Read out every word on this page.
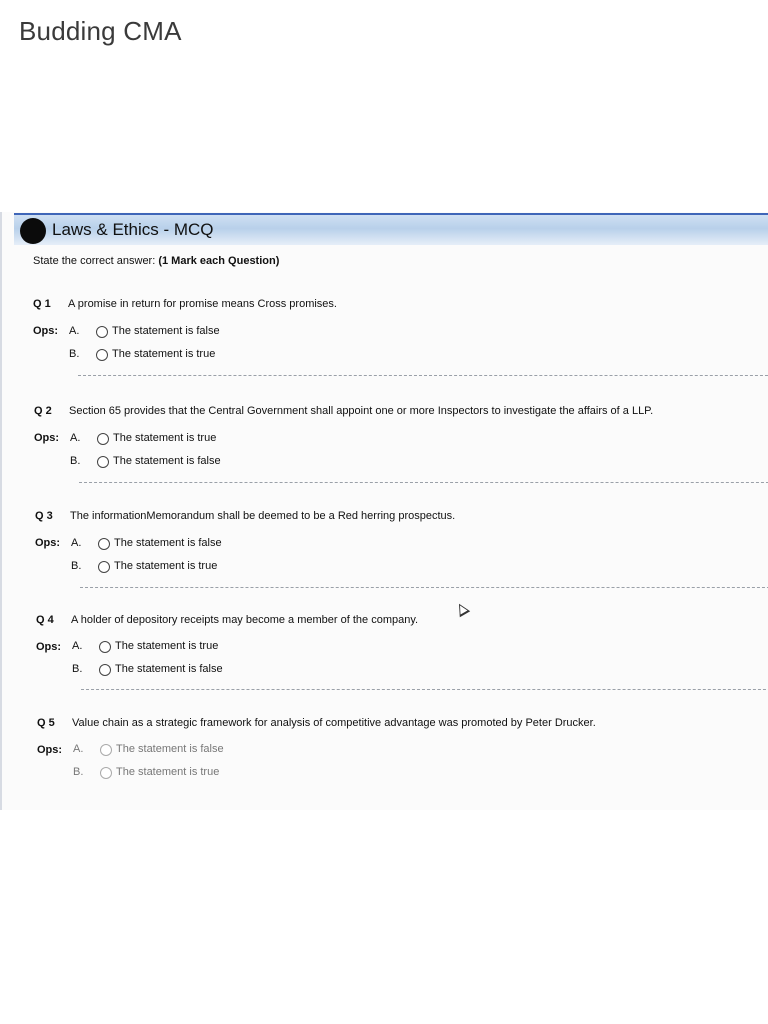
Budding CMA
Laws & Ethics - MCQ
State the correct answer: (1 Mark each Question)
Q 1 A promise in return for promise means Cross promises.
Ops: A.	The statement is false
B.	The statement is true
Q 2 Section 65 provides that the Central Government shall appoint one or more Inspectors to investigate the affairs of a LLP.
Ops: A.	The statement is true
B.	The statement is false
Q 3 The informationMemorandum shall be deemed to be a Red herring prospectus.
Ops: A.	The statement is false
B.	The statement is true
Q 4 A holder of depository receipts may become a member of the company.
Ops: A.	The statement is true
B.	The statement is false
Q 5 Value chain as a strategic framework for analysis of competitive advantage was promoted by Peter Drucker.
Ops: A.	The statement is false
B.	The statement is true
